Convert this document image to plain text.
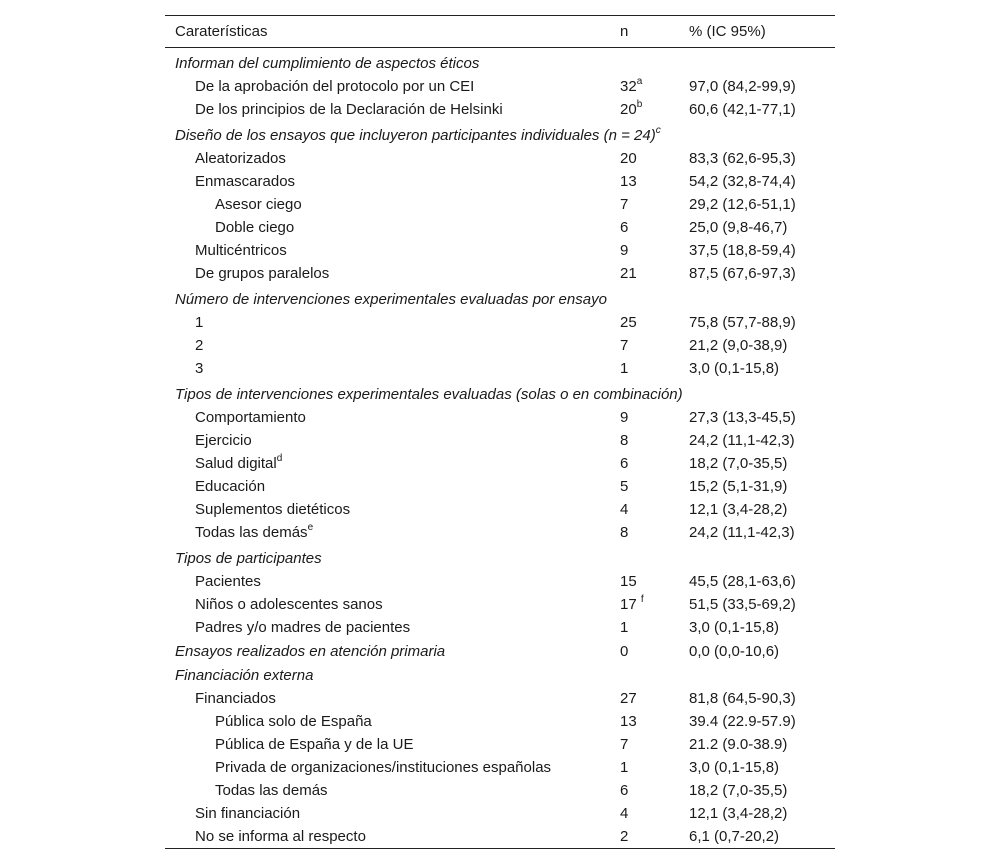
Caraterísticas	n	% (IC 95%)
Informan del cumplimiento de aspectos éticos		
De la aprobación del protocolo por un CEI	32$^a$	97,0 (84,2-99,9)
De los principios de la Declaración de Helsinki	20$^b$	60,6 (42,1-77,1)
Diseño de los ensayos que incluyeron participantes individuales (n = 24)$^c$
Aleatorizados	20	83,3 (62,6-95,3)
Enmascarados	13	54,2 (32,8-74,4)
Asesor ciego	7	29,2 (12,6-51,1)
Doble ciego	6	25,0 (9,8-46,7)
Multicéntricos	9	37,5 (18,8-59,4)
De grupos paralelos	21	87,5 (67,6-97,3)
Número de intervenciones experimentales evaluadas por ensayo		
1	25	75,8 (57,7-88,9)
2	7	21,2 (9,0-38,9)
3	1	3,0 (0,1-15,8)
Tipos de intervenciones experimentales evaluadas (solas o en combinación)		
Comportamiento	9	27,3 (13,3-45,5)
Ejercicio	8	24,2 (11,1-42,3)
Salud digital$^d$	6	18,2 (7,0-35,5)
Educación	5	15,2 (5,1-31,9)
Suplementos dietéticos	4	12,1 (3,4-28,2)
Todas las demás$^e$	8	24,2 (11,1-42,3)
Tipos de participantes		
Pacientes	15	45,5 (28,1-63,6)
Niños o adolescentes sanos	17 $^f$	51,5 (33,5-69,2)
Padres y/o madres de pacientes	1	3,0 (0,1-15,8)
Ensayos realizados en atención primaria	0	0,0 (0,0-10,6)
Financiación externa		
Financiados	27	81,8 (64,5-90,3)
Pública solo de España	13	39.4 (22.9-57.9)
Pública de España y de la UE	7	21.2 (9.0-38.9)
Privada de organizaciones/instituciones españolas	1	3,0 (0,1-15,8)
Todas las demás	6	18,2 (7,0-35,5)
Sin financiación	4	12,1 (3,4-28,2)
No se informa al respecto	2	6,1 (0,7-20,2)
